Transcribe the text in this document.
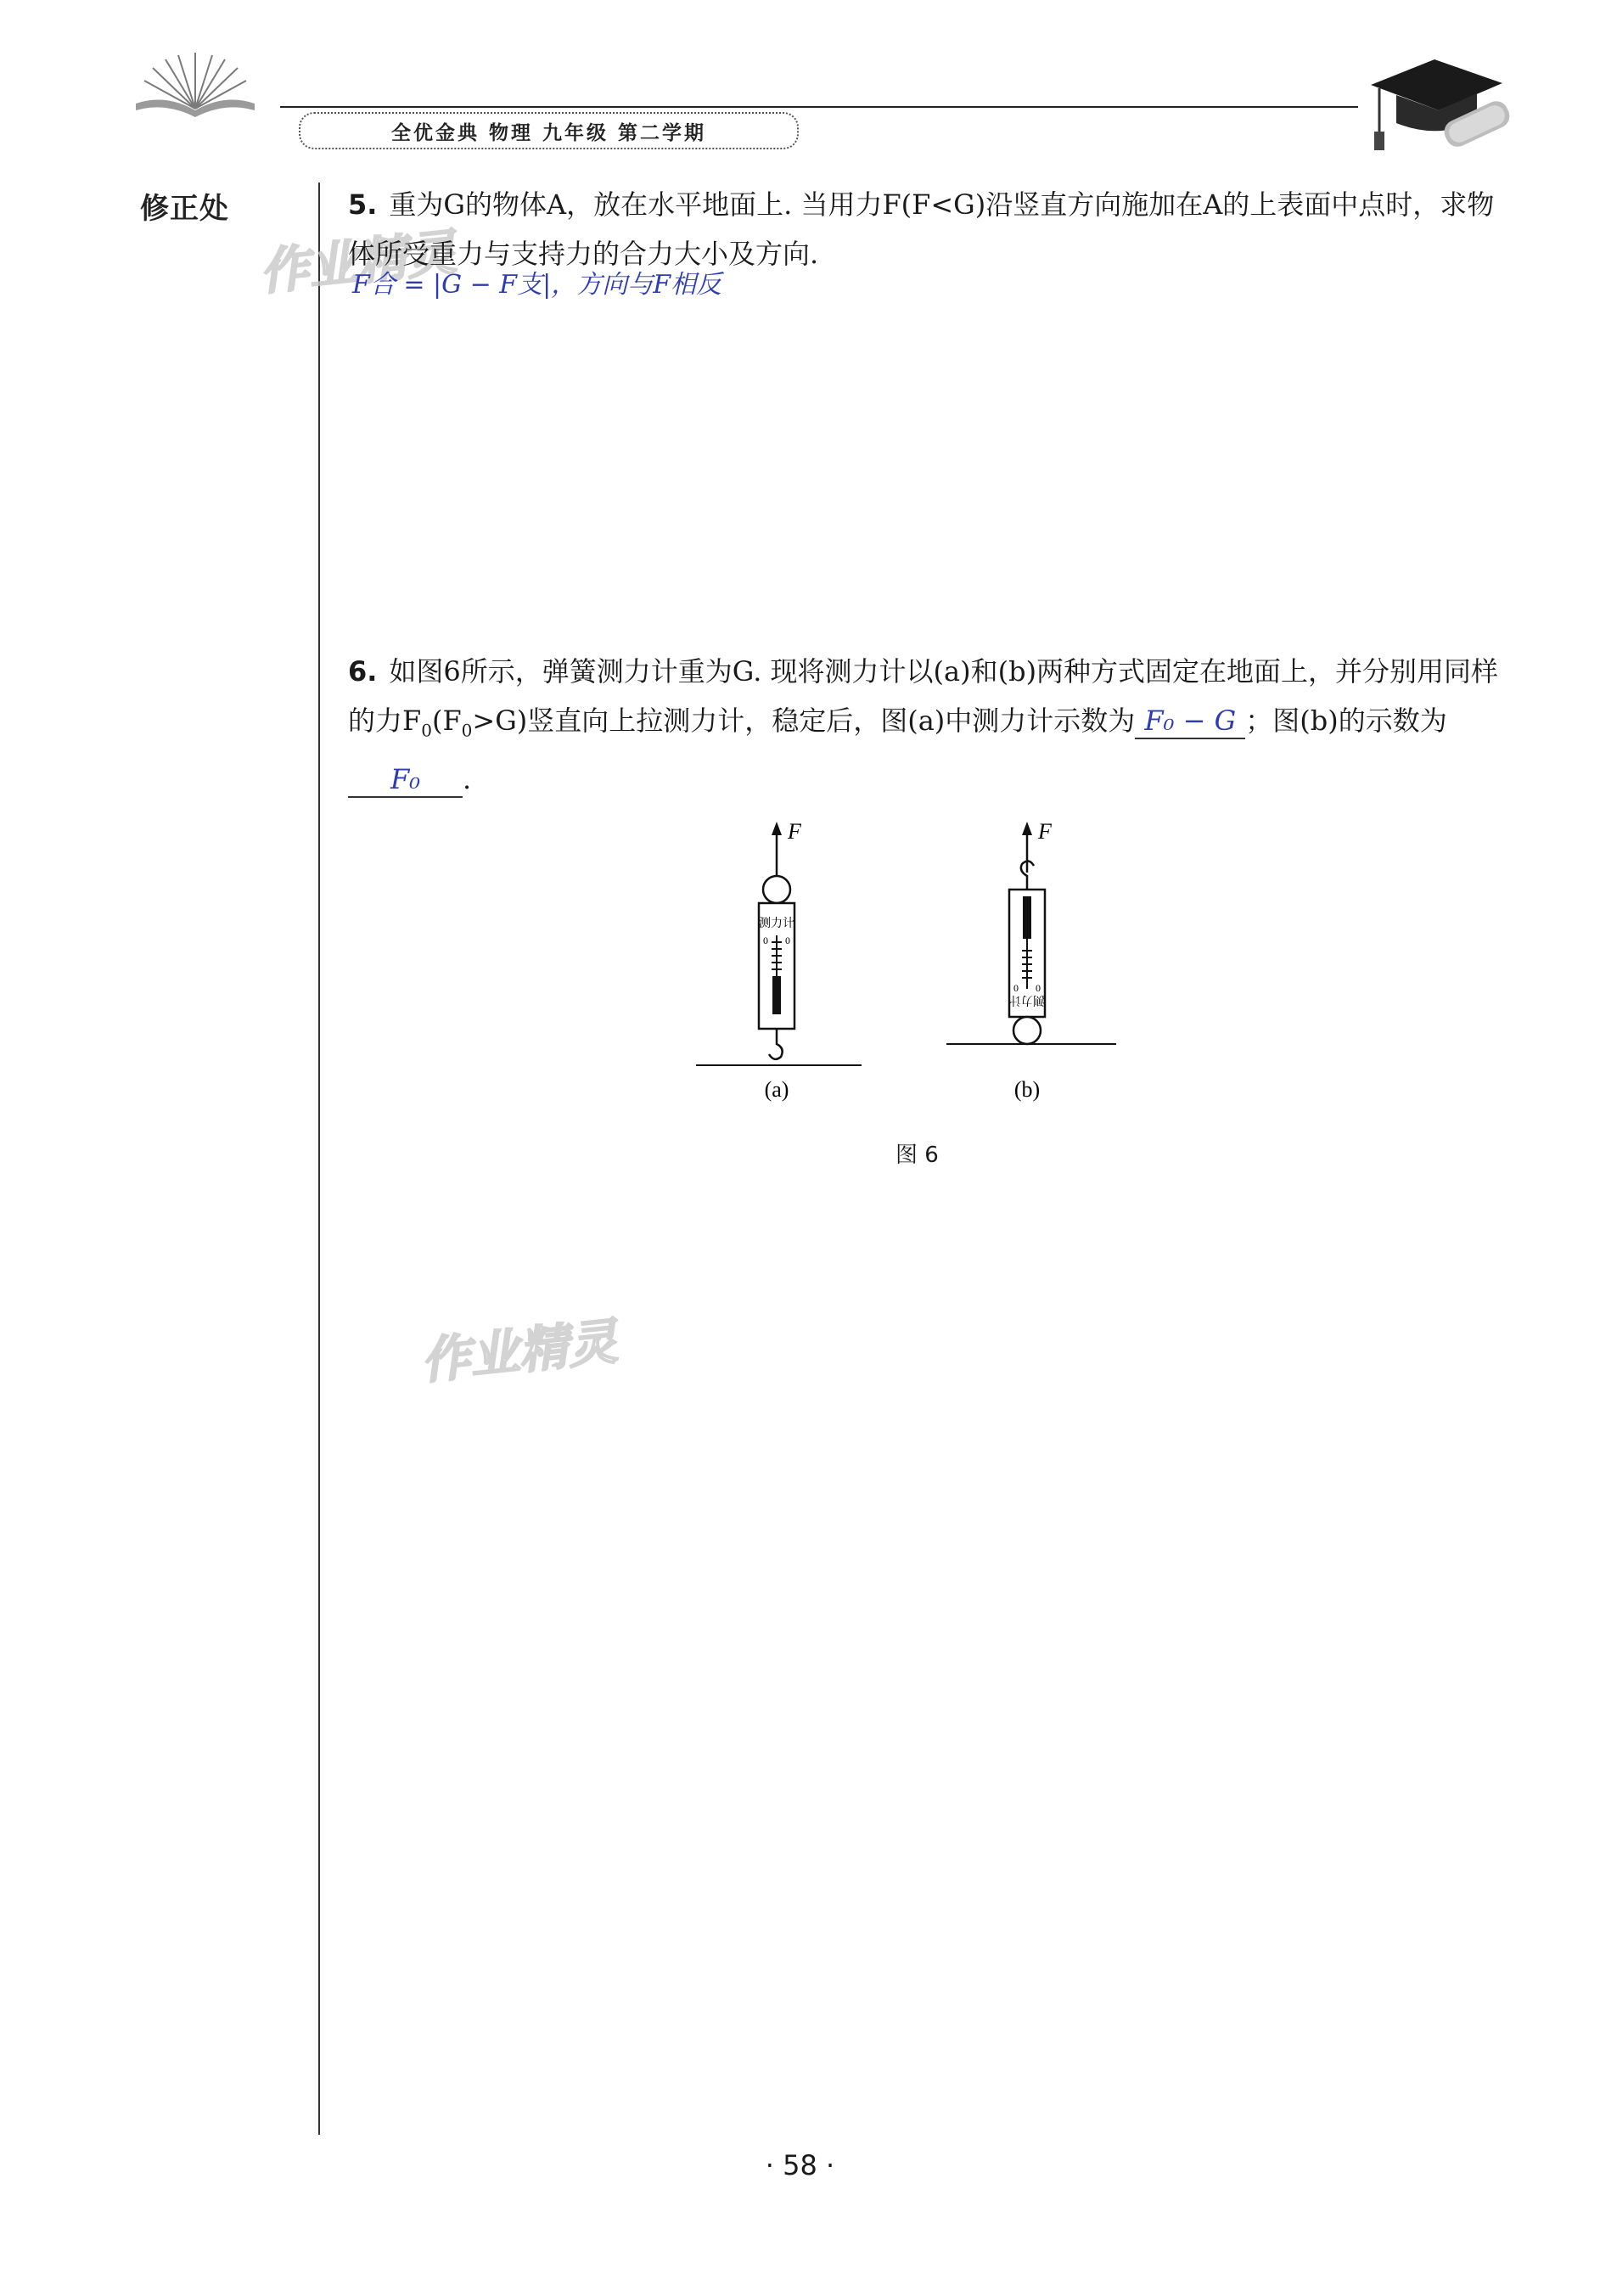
全优金典 物理 九年级 第二学期
修正处
作业精灵
作业精灵
5. 重为G的物体A，放在水平地面上. 当用力F(F<G)沿竖直方向施加在A的上表面中点时，求物体所受重力与支持力的合力大小及方向.
F合 = |G − F支|，方向与F相反
6. 如图6所示，弹簧测力计重为G. 现将测力计以(a)和(b)两种方式固定在地面上，并分别用同样的力$F_0(F_0>G)$竖直向上拉测力计，稳定后，图(a)中测力计示数为 F₀ − G ；图(b)的示数为F₀ .
F
测力计
0 0
(a)
F
0 0
测力计
(b)
图 6
· 58 ·
